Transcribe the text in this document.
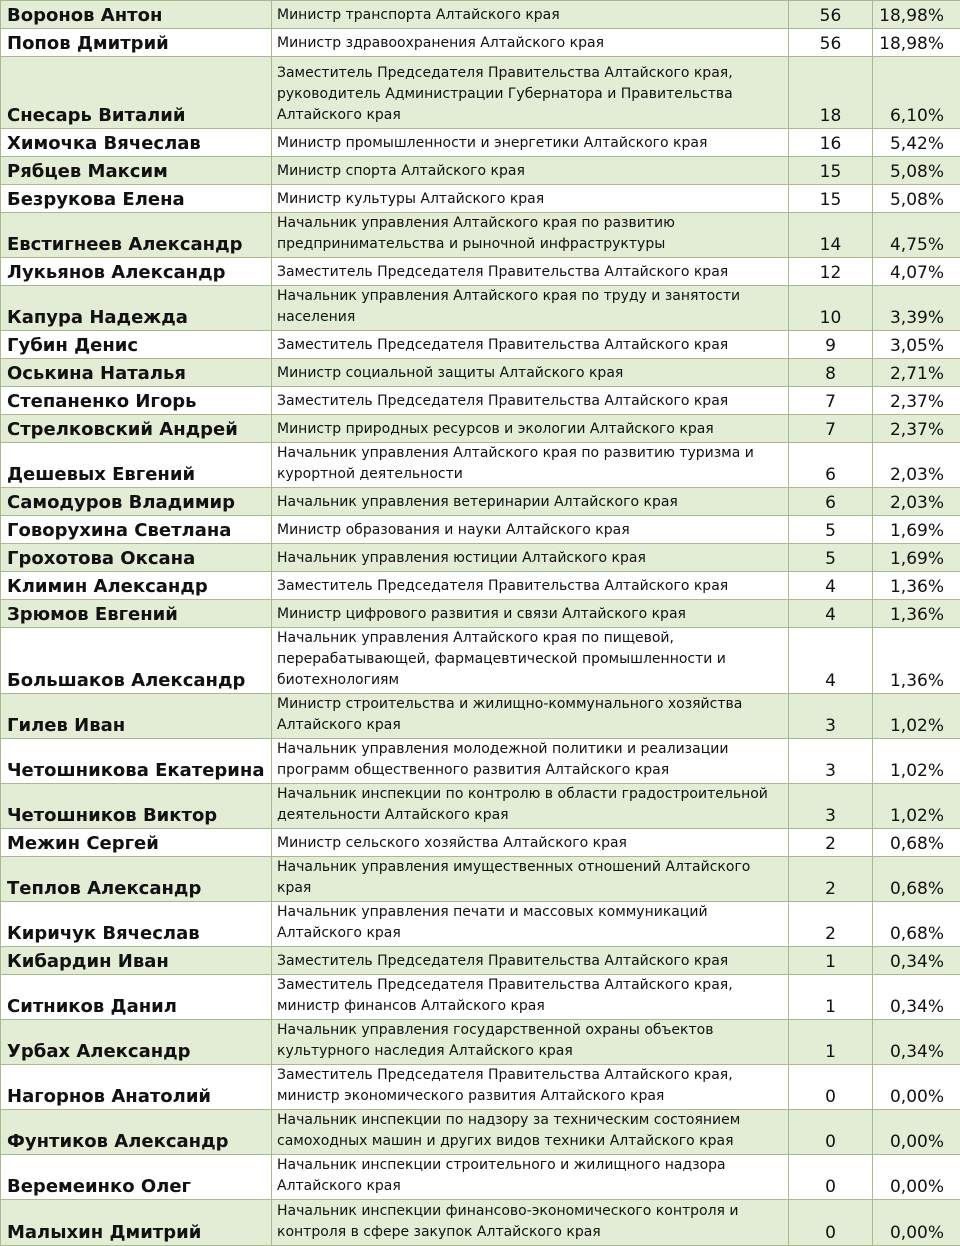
Воронов Антон	Министр транспорта Алтайского края	56	18,98%
Попов Дмитрий	Министр здравоохранения Алтайского края	56	18,98%
Снесарь Виталий	Заместитель Председателя Правительства Алтайского края, руководитель Администрации Губернатора и Правительства Алтайского края	18	6,10%
Химочка Вячеслав	Министр промышленности и энергетики Алтайского края	16	5,42%
Рябцев Максим	Министр спорта Алтайского края	15	5,08%
Безрукова Елена	Министр культуры Алтайского края	15	5,08%
Евстигнеев Александр	Начальник управления Алтайского края по развитию предпринимательства и рыночной инфраструктуры	14	4,75%
Лукьянов Александр	Заместитель Председателя Правительства Алтайского края	12	4,07%
Капура Надежда	Начальник управления Алтайского края по труду и занятости населения	10	3,39%
Губин Денис	Заместитель Председателя Правительства Алтайского края	9	3,05%
Оськина Наталья	Министр социальной защиты Алтайского края	8	2,71%
Степаненко Игорь	Заместитель Председателя Правительства Алтайского края	7	2,37%
Стрелковский Андрей	Министр природных ресурсов и экологии Алтайского края	7	2,37%
Дешевых Евгений	Начальник управления Алтайского края по развитию туризма и курортной деятельности	6	2,03%
Самодуров Владимир	Начальник управления ветеринарии Алтайского края	6	2,03%
Говорухина Светлана	Министр образования и науки Алтайского края	5	1,69%
Грохотова Оксана	Начальник управления юстиции Алтайского края	5	1,69%
Климин Александр	Заместитель Председателя Правительства Алтайского края	4	1,36%
Зрюмов Евгений	Министр цифрового развития и связи Алтайского края	4	1,36%
Большаков Александр	Начальник управления Алтайского края по пищевой, перерабатывающей, фармацевтической промышленности и биотехнологиям	4	1,36%
Гилев Иван	Министр строительства и жилищно-коммунального хозяйства Алтайского края	3	1,02%
Четошникова Екатерина	Начальник управления молодежной политики и реализации программ общественного развития Алтайского края	3	1,02%
Четошников Виктор	Начальник инспекции по контролю в области градостроительной деятельности Алтайского края	3	1,02%
Межин Сергей	Министр сельского хозяйства Алтайского края	2	0,68%
Теплов Александр	Начальник управления имущественных отношений Алтайского края	2	0,68%
Киричук Вячеслав	Начальник управления печати и массовых коммуникаций Алтайского края	2	0,68%
Кибардин Иван	Заместитель Председателя Правительства Алтайского края	1	0,34%
Ситников Данил	Заместитель Председателя Правительства Алтайского края, министр финансов Алтайского края	1	0,34%
Урбах Александр	Начальник управления государственной охраны объектов культурного наследия Алтайского края	1	0,34%
Нагорнов Анатолий	Заместитель Председателя Правительства Алтайского края, министр экономического развития Алтайского края	0	0,00%
Фунтиков Александр	Начальник инспекции по надзору за техническим состоянием самоходных машин и других видов техники Алтайского края	0	0,00%
Веремеинко Олег	Начальник инспекции строительного и жилищного надзора Алтайского края	0	0,00%
Малыхин Дмитрий	Начальник инспекции финансово-экономического контроля и контроля в сфере закупок Алтайского края	0	0,00%
